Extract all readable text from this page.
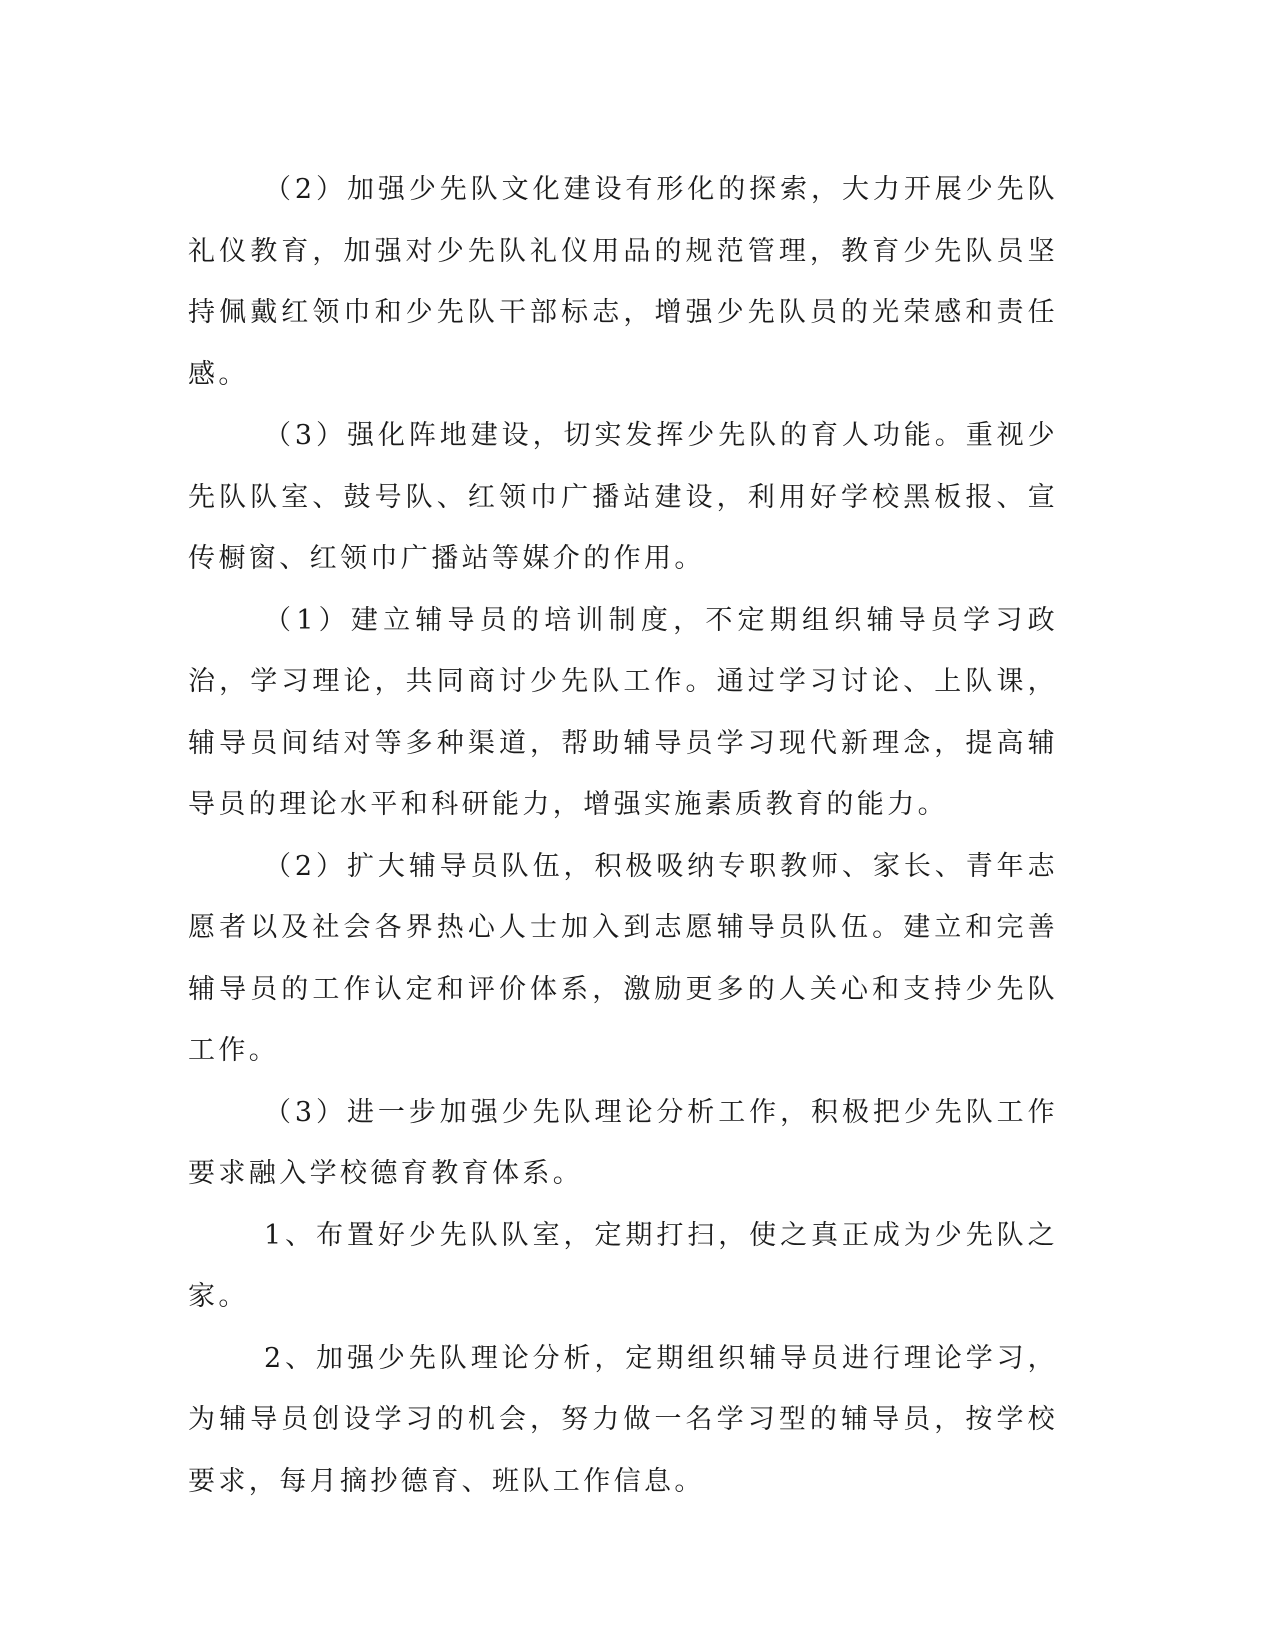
（2）加强少先队文化建设有形化的探索，大力开展少先队礼仪教育，加强对少先队礼仪用品的规范管理，教育少先队员坚持佩戴红领巾和少先队干部标志，增强少先队员的光荣感和责任感。

（3）强化阵地建设，切实发挥少先队的育人功能。重视少先队队室、鼓号队、红领巾广播站建设，利用好学校黑板报、宣传橱窗、红领巾广播站等媒介的作用。

（1）建立辅导员的培训制度，不定期组织辅导员学习政治，学习理论，共同商讨少先队工作。通过学习讨论、上队课，辅导员间结对等多种渠道，帮助辅导员学习现代新理念，提高辅导员的理论水平和科研能力，增强实施素质教育的能力。

（2）扩大辅导员队伍，积极吸纳专职教师、家长、青年志愿者以及社会各界热心人士加入到志愿辅导员队伍。建立和完善辅导员的工作认定和评价体系，激励更多的人关心和支持少先队工作。

（3）进一步加强少先队理论分析工作，积极把少先队工作要求融入学校德育教育体系。

1、布置好少先队队室，定期打扫，使之真正成为少先队之家。

2、加强少先队理论分析，定期组织辅导员进行理论学习，为辅导员创设学习的机会，努力做一名学习型的辅导员，按学校要求，每月摘抄德育、班队工作信息。
